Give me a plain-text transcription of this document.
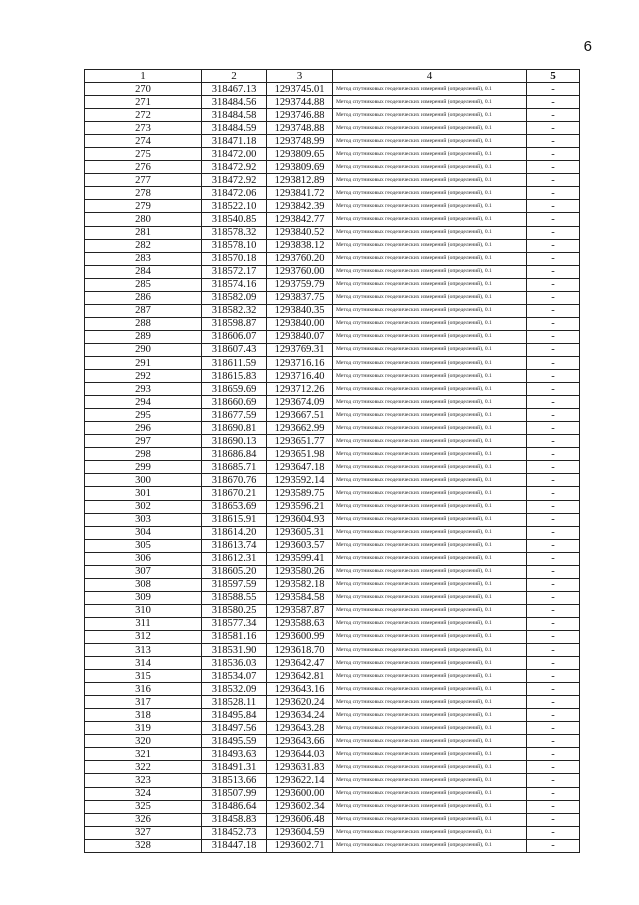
6
1	2	3	4	5
270	318467.13	1293745.01	Метод спутниковых геодезических измерений (определений), 0.1	-
271	318484.56	1293744.88	Метод спутниковых геодезических измерений (определений), 0.1	-
272	318484.58	1293746.88	Метод спутниковых геодезических измерений (определений), 0.1	-
273	318484.59	1293748.88	Метод спутниковых геодезических измерений (определений), 0.1	-
274	318471.18	1293748.99	Метод спутниковых геодезических измерений (определений), 0.1	-
275	318472.00	1293809.65	Метод спутниковых геодезических измерений (определений), 0.1	-
276	318472.92	1293809.69	Метод спутниковых геодезических измерений (определений), 0.1	-
277	318472.92	1293812.89	Метод спутниковых геодезических измерений (определений), 0.1	-
278	318472.06	1293841.72	Метод спутниковых геодезических измерений (определений), 0.1	-
279	318522.10	1293842.39	Метод спутниковых геодезических измерений (определений), 0.1	-
280	318540.85	1293842.77	Метод спутниковых геодезических измерений (определений), 0.1	-
281	318578.32	1293840.52	Метод спутниковых геодезических измерений (определений), 0.1	-
282	318578.10	1293838.12	Метод спутниковых геодезических измерений (определений), 0.1	-
283	318570.18	1293760.20	Метод спутниковых геодезических измерений (определений), 0.1	-
284	318572.17	1293760.00	Метод спутниковых геодезических измерений (определений), 0.1	-
285	318574.16	1293759.79	Метод спутниковых геодезических измерений (определений), 0.1	-
286	318582.09	1293837.75	Метод спутниковых геодезических измерений (определений), 0.1	-
287	318582.32	1293840.35	Метод спутниковых геодезических измерений (определений), 0.1	-
288	318598.87	1293840.00	Метод спутниковых геодезических измерений (определений), 0.1	-
289	318606.07	1293840.07	Метод спутниковых геодезических измерений (определений), 0.1	-
290	318607.43	1293769.31	Метод спутниковых геодезических измерений (определений), 0.1	-
291	318611.59	1293716.16	Метод спутниковых геодезических измерений (определений), 0.1	-
292	318615.83	1293716.40	Метод спутниковых геодезических измерений (определений), 0.1	-
293	318659.69	1293712.26	Метод спутниковых геодезических измерений (определений), 0.1	-
294	318660.69	1293674.09	Метод спутниковых геодезических измерений (определений), 0.1	-
295	318677.59	1293667.51	Метод спутниковых геодезических измерений (определений), 0.1	-
296	318690.81	1293662.99	Метод спутниковых геодезических измерений (определений), 0.1	-
297	318690.13	1293651.77	Метод спутниковых геодезических измерений (определений), 0.1	-
298	318686.84	1293651.98	Метод спутниковых геодезических измерений (определений), 0.1	-
299	318685.71	1293647.18	Метод спутниковых геодезических измерений (определений), 0.1	-
300	318670.76	1293592.14	Метод спутниковых геодезических измерений (определений), 0.1	-
301	318670.21	1293589.75	Метод спутниковых геодезических измерений (определений), 0.1	-
302	318653.69	1293596.21	Метод спутниковых геодезических измерений (определений), 0.1	-
303	318615.91	1293604.93	Метод спутниковых геодезических измерений (определений), 0.1	-
304	318614.20	1293605.31	Метод спутниковых геодезических измерений (определений), 0.1	-
305	318613.74	1293603.57	Метод спутниковых геодезических измерений (определений), 0.1	-
306	318612.31	1293599.41	Метод спутниковых геодезических измерений (определений), 0.1	-
307	318605.20	1293580.26	Метод спутниковых геодезических измерений (определений), 0.1	-
308	318597.59	1293582.18	Метод спутниковых геодезических измерений (определений), 0.1	-
309	318588.55	1293584.58	Метод спутниковых геодезических измерений (определений), 0.1	-
310	318580.25	1293587.87	Метод спутниковых геодезических измерений (определений), 0.1	-
311	318577.34	1293588.63	Метод спутниковых геодезических измерений (определений), 0.1	-
312	318581.16	1293600.99	Метод спутниковых геодезических измерений (определений), 0.1	-
313	318531.90	1293618.70	Метод спутниковых геодезических измерений (определений), 0.1	-
314	318536.03	1293642.47	Метод спутниковых геодезических измерений (определений), 0.1	-
315	318534.07	1293642.81	Метод спутниковых геодезических измерений (определений), 0.1	-
316	318532.09	1293643.16	Метод спутниковых геодезических измерений (определений), 0.1	-
317	318528.11	1293620.24	Метод спутниковых геодезических измерений (определений), 0.1	-
318	318495.84	1293634.24	Метод спутниковых геодезических измерений (определений), 0.1	-
319	318497.56	1293643.28	Метод спутниковых геодезических измерений (определений), 0.1	-
320	318495.59	1293643.66	Метод спутниковых геодезических измерений (определений), 0.1	-
321	318493.63	1293644.03	Метод спутниковых геодезических измерений (определений), 0.1	-
322	318491.31	1293631.83	Метод спутниковых геодезических измерений (определений), 0.1	-
323	318513.66	1293622.14	Метод спутниковых геодезических измерений (определений), 0.1	-
324	318507.99	1293600.00	Метод спутниковых геодезических измерений (определений), 0.1	-
325	318486.64	1293602.34	Метод спутниковых геодезических измерений (определений), 0.1	-
326	318458.83	1293606.48	Метод спутниковых геодезических измерений (определений), 0.1	-
327	318452.73	1293604.59	Метод спутниковых геодезических измерений (определений), 0.1	-
328	318447.18	1293602.71	Метод спутниковых геодезических измерений (определений), 0.1	-
